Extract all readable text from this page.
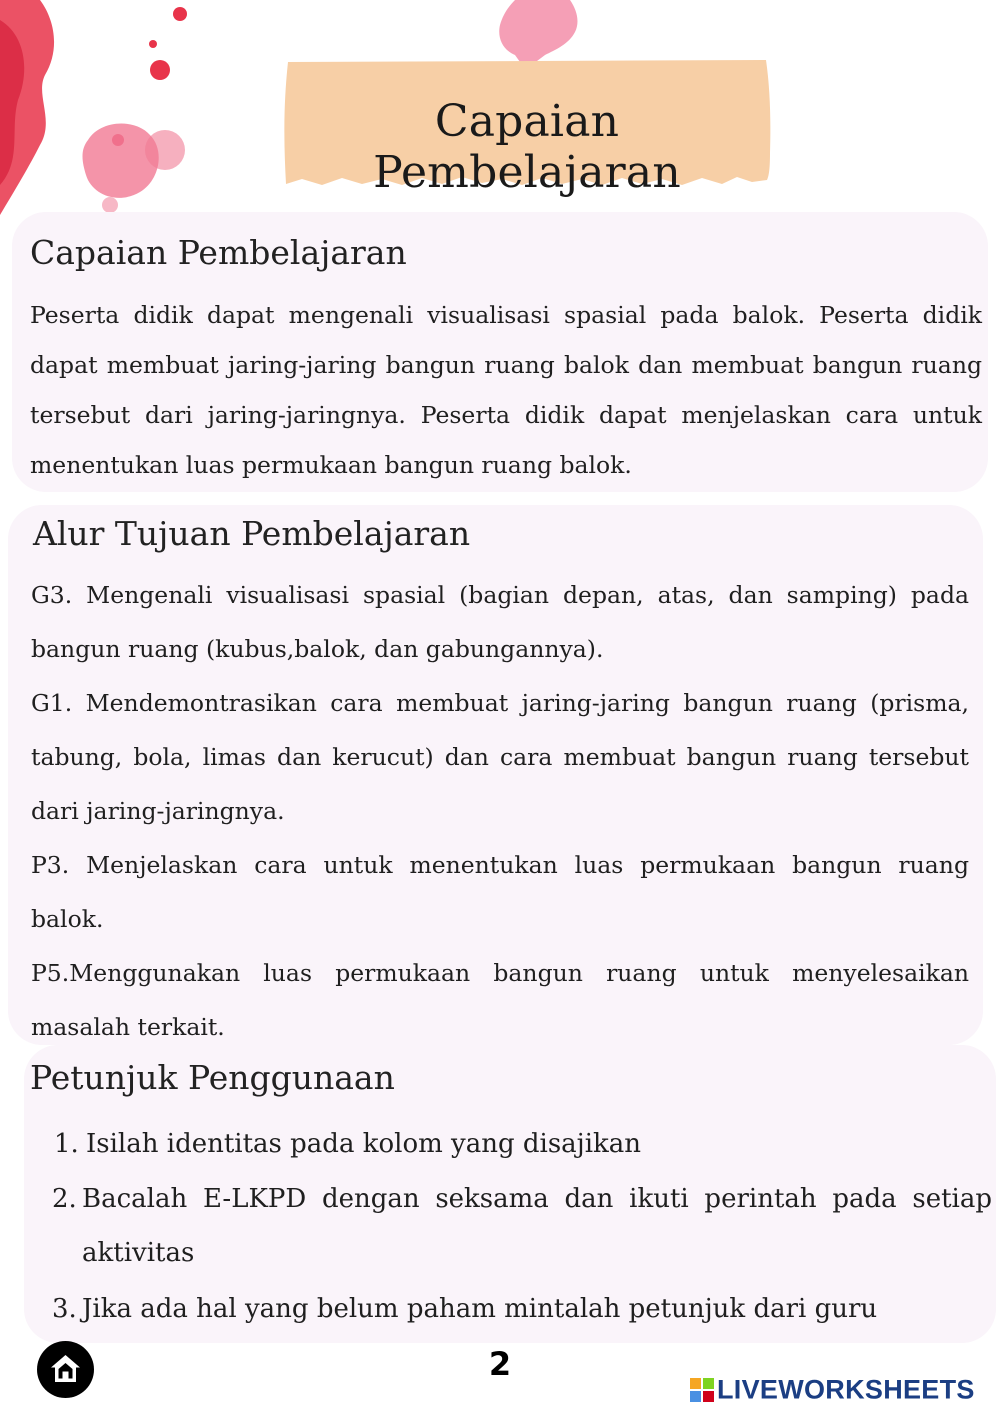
Capaian Pembelajaran
Capaian Pembelajaran
Peserta didik dapat mengenali visualisasi spasial pada balok. Peserta didik dapat membuat jaring-jaring bangun ruang balok dan membuat bangun ruang tersebut dari jaring-jaringnya. Peserta didik dapat menjelaskan cara untuk menentukan luas permukaan bangun ruang balok.
Alur Tujuan Pembelajaran
G3. Mengenali visualisasi spasial (bagian depan, atas, dan samping) pada bangun ruang (kubus,balok, dan gabungannya).
G1. Mendemontrasikan cara membuat jaring-jaring bangun ruang (prisma, tabung, bola, limas dan kerucut) dan cara membuat bangun ruang tersebut dari jaring-jaringnya.
P3. Menjelaskan cara untuk menentukan luas permukaan bangun ruang balok.
P5.Menggunakan luas permukaan bangun ruang untuk menyelesaikan masalah terkait.
Petunjuk Penggunaan
1. Isilah identitas pada kolom yang disajikan
2. Bacalah E-LKPD dengan seksama dan ikuti perintah pada setiap aktivitas
3. Jika ada hal yang belum paham mintalah petunjuk dari guru
2
LIVEWORKSHEETS
